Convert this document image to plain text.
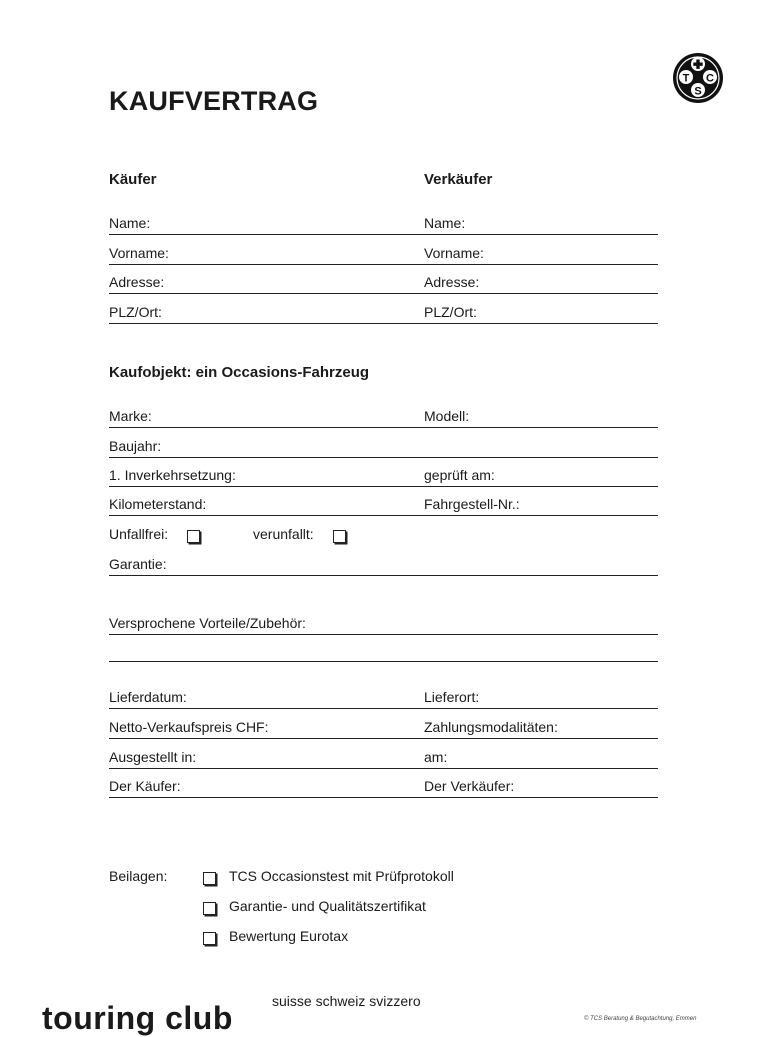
T C
S
KAUFVERTRAG
Käufer	Verkäufer
Name:	Name:
Vorname:	Vorname:
Adresse:	Adresse:
PLZ/Ort:	PLZ/Ort:
Kaufobjekt: ein Occasions-Fahrzeug
Marke:	Modell:
Baujahr:
1. Inverkehrsetzung:	geprüft am:
Kilometerstand:	Fahrgestell-Nr.:
Unfallfrei:	verunfallt:
Garantie:
Versprochene Vorteile/Zubehör:
Lieferdatum:	Lieferort:
Netto-Verkaufspreis CHF:	Zahlungsmodalitäten:
Ausgestellt in:	am:
Der Käufer:	Der Verkäufer:
Beilagen:	TCS Occasionstest mit Prüfprotokoll
Garantie- und Qualitätszertifikat
Bewertung Eurotax
touring club	suisse schweiz svizzero
© TCS Beratung & Begutachtung, Emmen
